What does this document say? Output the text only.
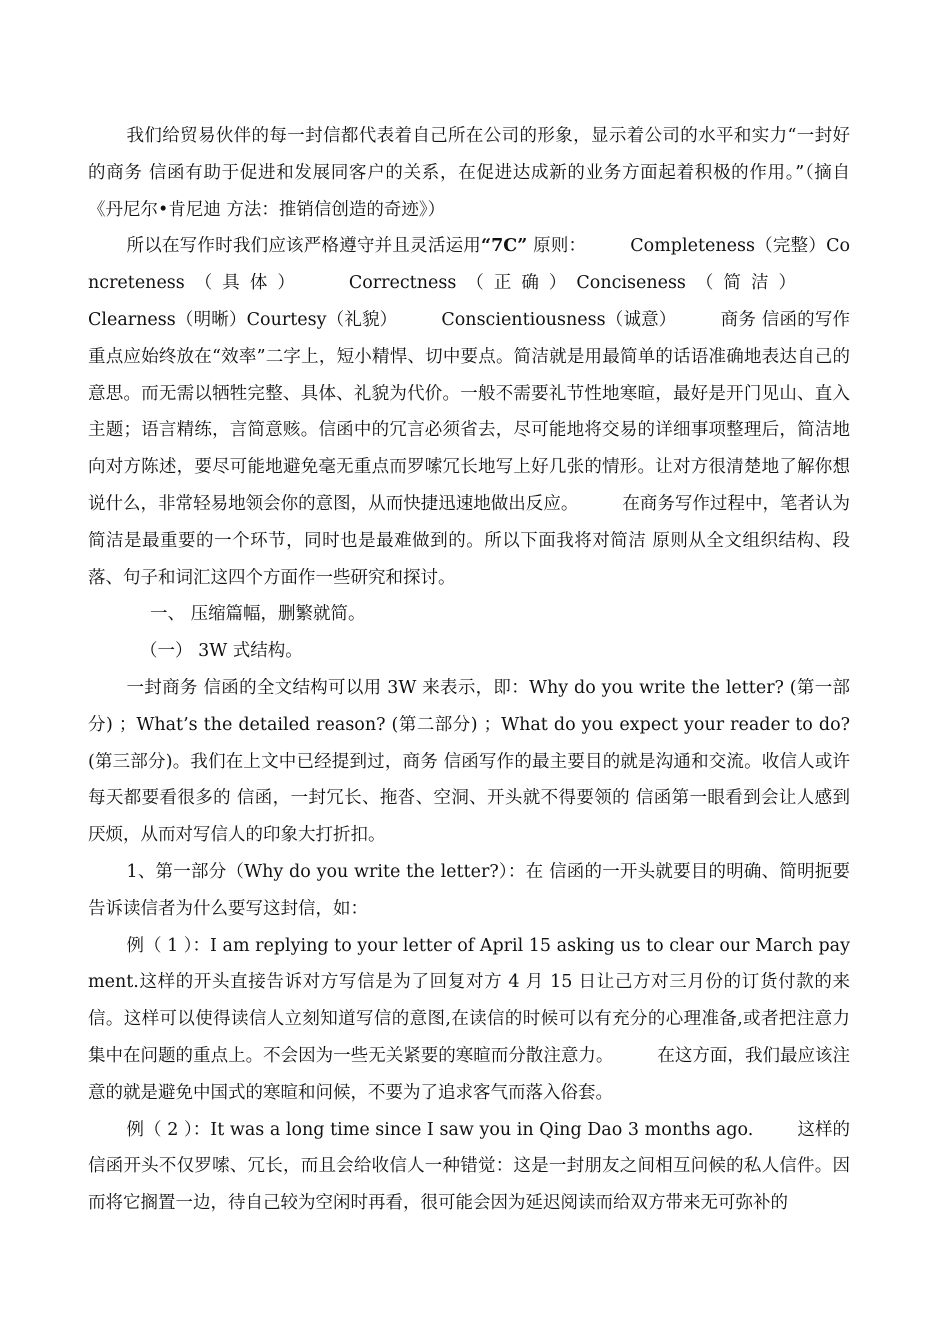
我们给贸易伙伴的每一封信都代表着自己所在公司的形象，显示着公司的水平和实力“一封好的商务 信函有助于促进和发展同客户的关系，在促进达成新的业务方面起着积极的作用。”（摘自《丹尼尔•肯尼迪 方法：推销信创造的奇迹》）

所以在写作时我们应该严格遵守并且灵活运用“7C” 原则：	Completeness（完整）Concreteness（具体）	Correctness（正确）Conciseness（简洁）Clearness（明晰）Courtesy（礼貌）	Conscientiousness（诚意）	商务 信函的写作重点应始终放在“效率”二字上，短小精悍、切中要点。简洁就是用最简单的话语准确地表达自己的意思。而无需以牺牲完整、具体、礼貌为代价。一般不需要礼节性地寒暄，最好是开门见山、直入主题；语言精练，言简意赅。信函中的冗言必须省去，尽可能地将交易的详细事项整理后，简洁地向对方陈述，要尽可能地避免毫无重点而罗嗦冗长地写上好几张的情形。让对方很清楚地了解你想说什么，非常轻易地领会你的意图，从而快捷迅速地做出反应。	在商务写作过程中，笔者认为简洁是最重要的一个环节，同时也是最难做到的。所以下面我将对简洁 原则从全文组织结构、段落、句子和词汇这四个方面作一些研究和探讨。

一、 压缩篇幅，删繁就简。

（一） 3W 式结构。

一封商务 信函的全文结构可以用 3W 来表示，即：Why do you write the letter? (第一部分) ；What’s the detailed reason? (第二部分) ；What do you expect your reader to do? (第三部分)。我们在上文中已经提到过，商务 信函写作的最主要目的就是沟通和交流。收信人或许每天都要看很多的 信函，一封冗长、拖沓、空洞、开头就不得要领的 信函第一眼看到会让人感到厌烦，从而对写信人的印象大打折扣。

1、第一部分（Why do you write the letter?）：在 信函的一开头就要目的明确、简明扼要告诉读信者为什么要写这封信，如：

例（ 1 ）：I am replying to your letter of April 15 asking us to clear our March payment.这样的开头直接告诉对方写信是为了回复对方 4 月 15 日让己方对三月份的订货付款的来信。这样可以使得读信人立刻知道写信的意图,在读信的时候可以有充分的心理准备,或者把注意力集中在问题的重点上。不会因为一些无关紧要的寒暄而分散注意力。	在这方面，我们最应该注意的就是避免中国式的寒暄和问候，不要为了追求客气而落入俗套。

例（ 2 ）：It was a long time since I saw you in Qing Dao 3 months ago.	这样的 信函开头不仅罗嗦、冗长，而且会给收信人一种错觉：这是一封朋友之间相互问候的私人信件。因而将它搁置一边，待自己较为空闲时再看，很可能会因为延迟阅读而给双方带来无可弥补的
